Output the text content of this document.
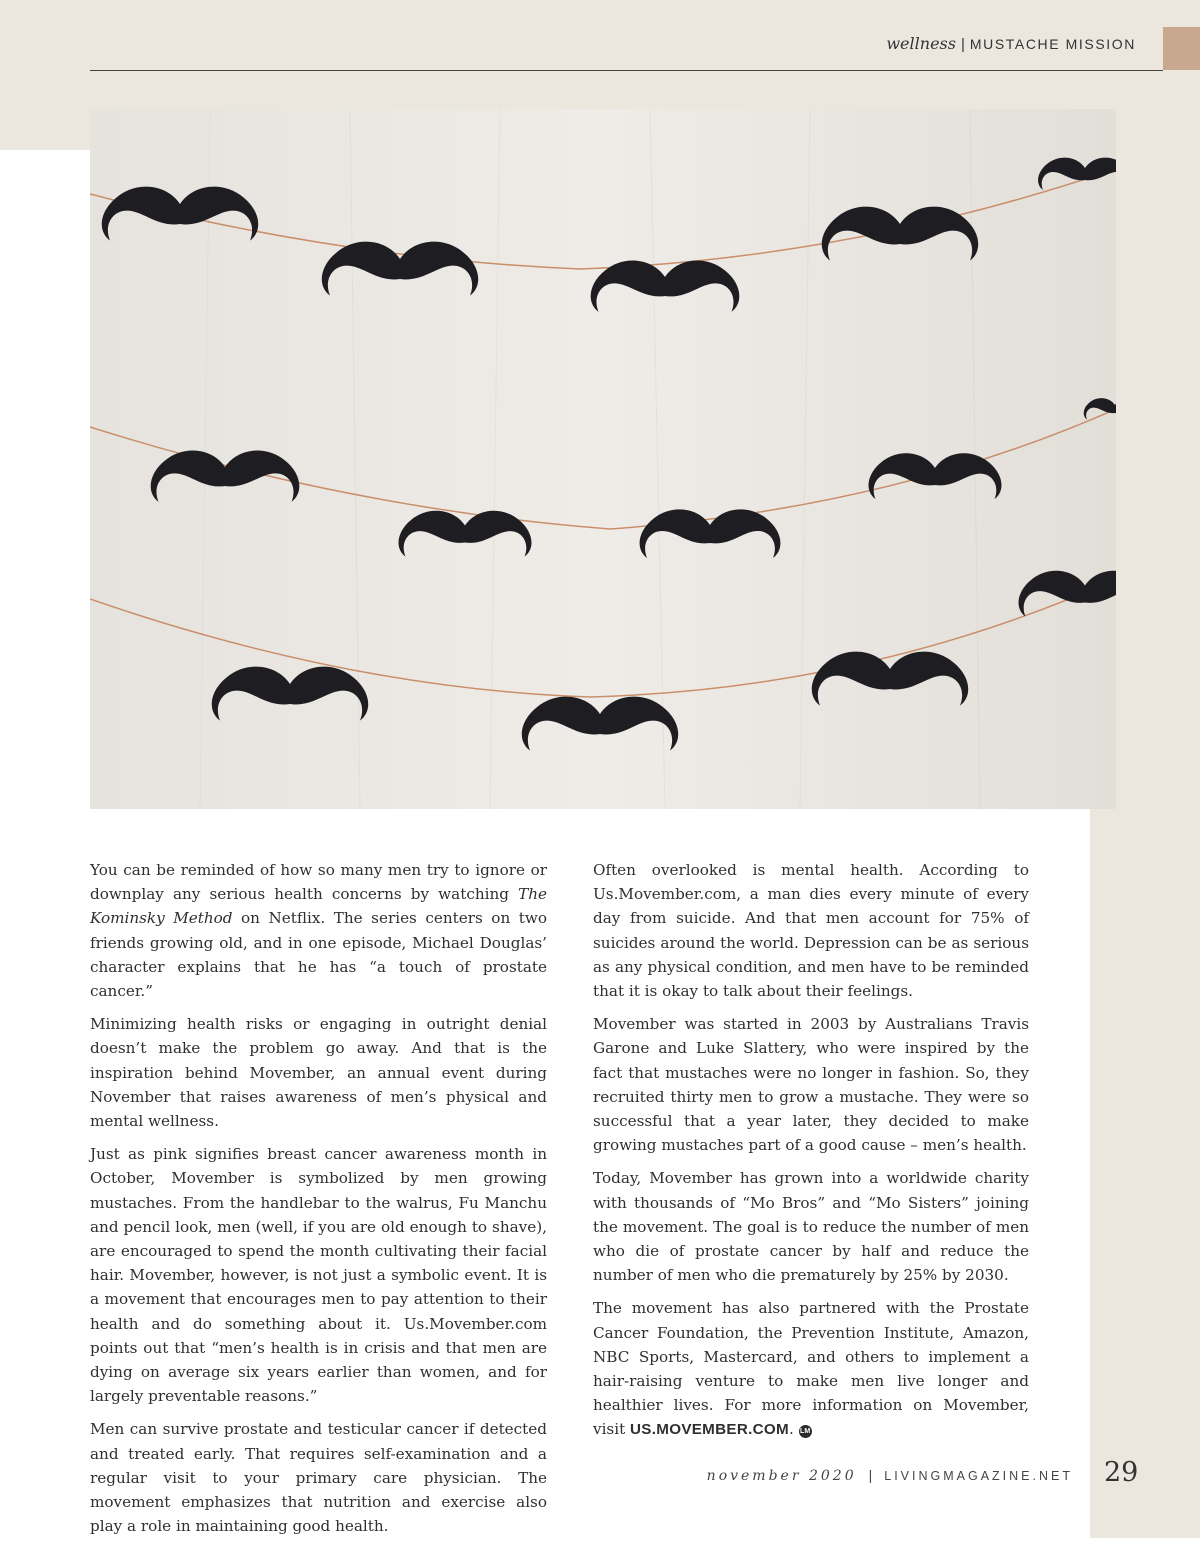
wellness | MUSTACHE MISSION

You can be reminded of how so many men try to ignore or downplay any serious health concerns by watching The Kominsky Method on Netflix. The series centers on two friends growing old, and in one episode, Michael Douglas’ character explains that he has “a touch of prostate cancer.”

Minimizing health risks or engaging in outright denial doesn’t make the problem go away. And that is the inspiration behind Movember, an annual event during November that raises awareness of men’s physical and mental wellness.

Just as pink signifies breast cancer awareness month in October, Movember is symbolized by men growing mustaches. From the handlebar to the walrus, Fu Manchu and pencil look, men (well, if you are old enough to shave), are encouraged to spend the month cultivating their facial hair. Movember, however, is not just a symbolic event. It is a movement that encourages men to pay attention to their health and do something about it. Us.Movember.com points out that “men’s health is in crisis and that men are dying on average six years earlier than women, and for largely preventable reasons.”

Men can survive prostate and testicular cancer if detected and treated early. That requires self-examination and a regular visit to your primary care physician. The movement emphasizes that nutrition and exercise also play a role in maintaining good health.

Often overlooked is mental health. According to Us.Movember.com, a man dies every minute of every day from suicide. And that men account for 75% of suicides around the world. Depression can be as serious as any physical condition, and men have to be reminded that it is okay to talk about their feelings.

Movember was started in 2003 by Australians Travis Garone and Luke Slattery, who were inspired by the fact that mustaches were no longer in fashion. So, they recruited thirty men to grow a mustache. They were so successful that a year later, they decided to make growing mustaches part of a good cause – men’s health.

Today, Movember has grown into a worldwide charity with thousands of “Mo Bros” and “Mo Sisters” joining the movement. The goal is to reduce the number of men who die of prostate cancer by half and reduce the number of men who die prematurely by 25% by 2030.

The movement has also partnered with the Prostate Cancer Foundation, the Prevention Institute, Amazon, NBC Sports, Mastercard, and others to implement a hair-raising venture to make men live longer and healthier lives. For more information on Movember, visit US.MOVEMBER.COM. LM

november 2020 | LIVINGMAGAZINE.NET 29
